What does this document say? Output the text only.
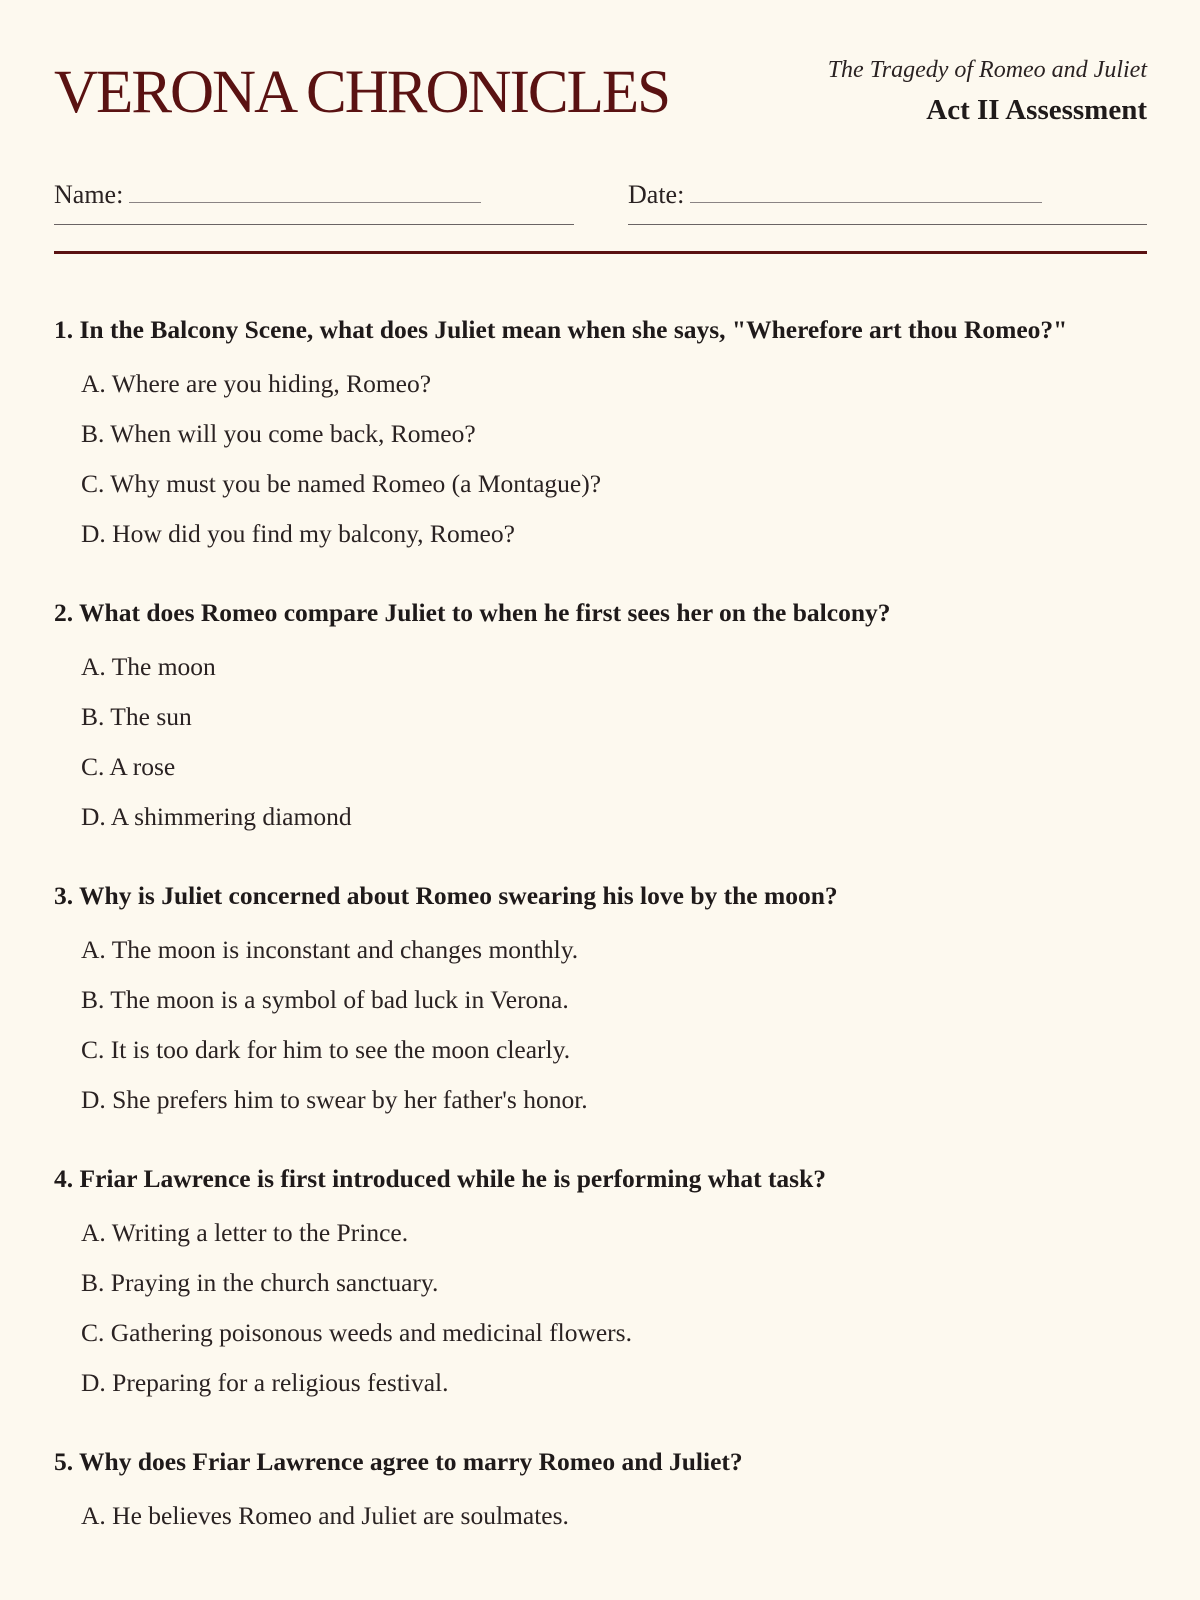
VERONA CHRONICLES	The Tragedy of Romeo and Juliet
Act II Assessment
Name:	Date:
1. In the Balcony Scene, what does Juliet mean when she says, "Wherefore art thou Romeo?"
A. Where are you hiding, Romeo?
B. When will you come back, Romeo?
C. Why must you be named Romeo (a Montague)?
D. How did you find my balcony, Romeo?
2. What does Romeo compare Juliet to when he first sees her on the balcony?
A. The moon
B. The sun
C. A rose
D. A shimmering diamond
3. Why is Juliet concerned about Romeo swearing his love by the moon?
A. The moon is inconstant and changes monthly.
B. The moon is a symbol of bad luck in Verona.
C. It is too dark for him to see the moon clearly.
D. She prefers him to swear by her father's honor.
4. Friar Lawrence is first introduced while he is performing what task?
A. Writing a letter to the Prince.
B. Praying in the church sanctuary.
C. Gathering poisonous weeds and medicinal flowers.
D. Preparing for a religious festival.
5. Why does Friar Lawrence agree to marry Romeo and Juliet?
A. He believes Romeo and Juliet are soulmates.
